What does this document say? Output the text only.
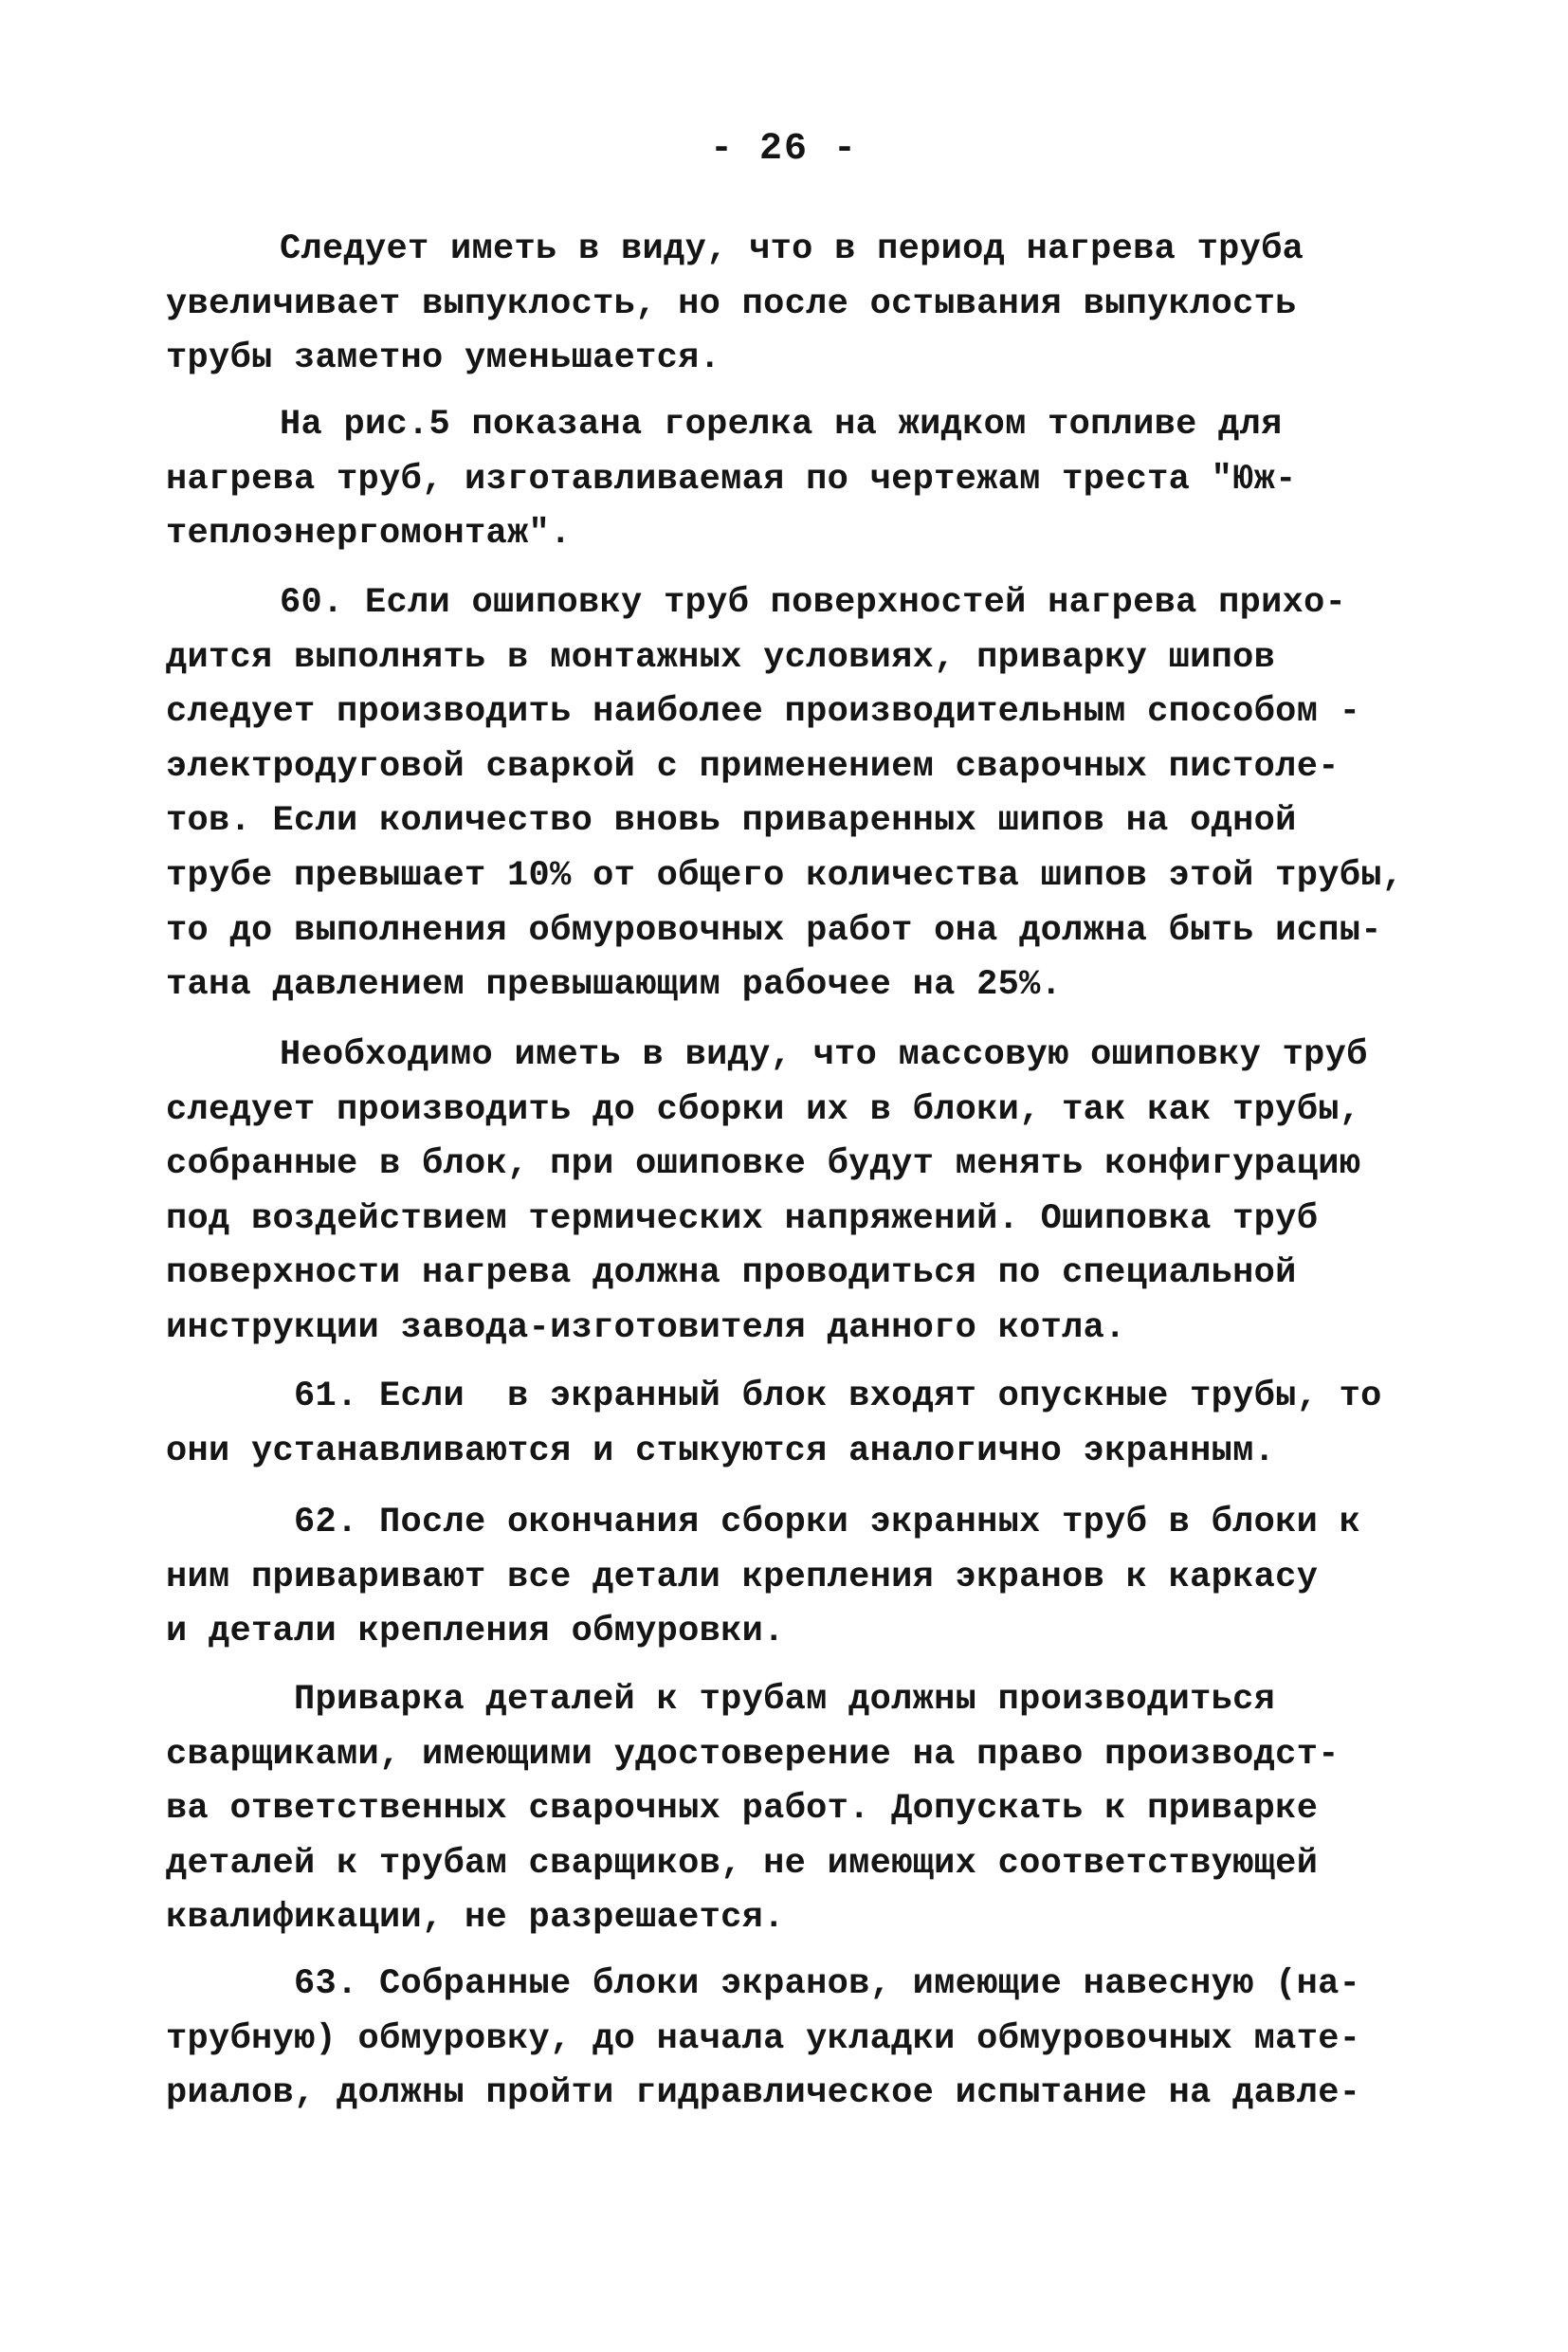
- 26 -
Следует иметь в виду, что в период нагрева труба
увеличивает выпуклость, но после остывания выпуклость
трубы заметно уменьшается.
На рис.5 показана горелка на жидком топливе для
нагрева труб, изготавливаемая по чертежам треста "Юж-
теплоэнергомонтаж".
60. Если ошиповку труб поверхностей нагрева прихо-
дится выполнять в монтажных условиях, приварку шипов
следует производить наиболее производительным способом -
электродуговой сваркой с применением сварочных пистоле-
тов. Если количество вновь приваренных шипов на одной
трубе превышает 10% от общего количества шипов этой трубы,
то до выполнения обмуровочных работ она должна быть испы-
тана давлением превышающим рабочее на 25%.
Необходимо иметь в виду, что массовую ошиповку труб
следует производить до сборки их в блоки, так как трубы,
собранные в блок, при ошиповке будут менять конфигурацию
под воздействием термических напряжений. Ошиповка труб
поверхности нагрева должна проводиться по специальной
инструкции завода-изготовителя данного котла.
61. Если  в экранный блок входят опускные трубы, то
они устанавливаются и стыкуются аналогично экранным.
62. После окончания сборки экранных труб в блоки к
ним приваривают все детали крепления экранов к каркасу
и детали крепления обмуровки.
Приварка деталей к трубам должны производиться
сварщиками, имеющими удостоверение на право производст-
ва ответственных сварочных работ. Допускать к приварке
деталей к трубам сварщиков, не имеющих соответствующей
квалификации, не разрешается.
63. Собранные блоки экранов, имеющие навесную (на-
трубную) обмуровку, до начала укладки обмуровочных мате-
риалов, должны пройти гидравлическое испытание на давле-
